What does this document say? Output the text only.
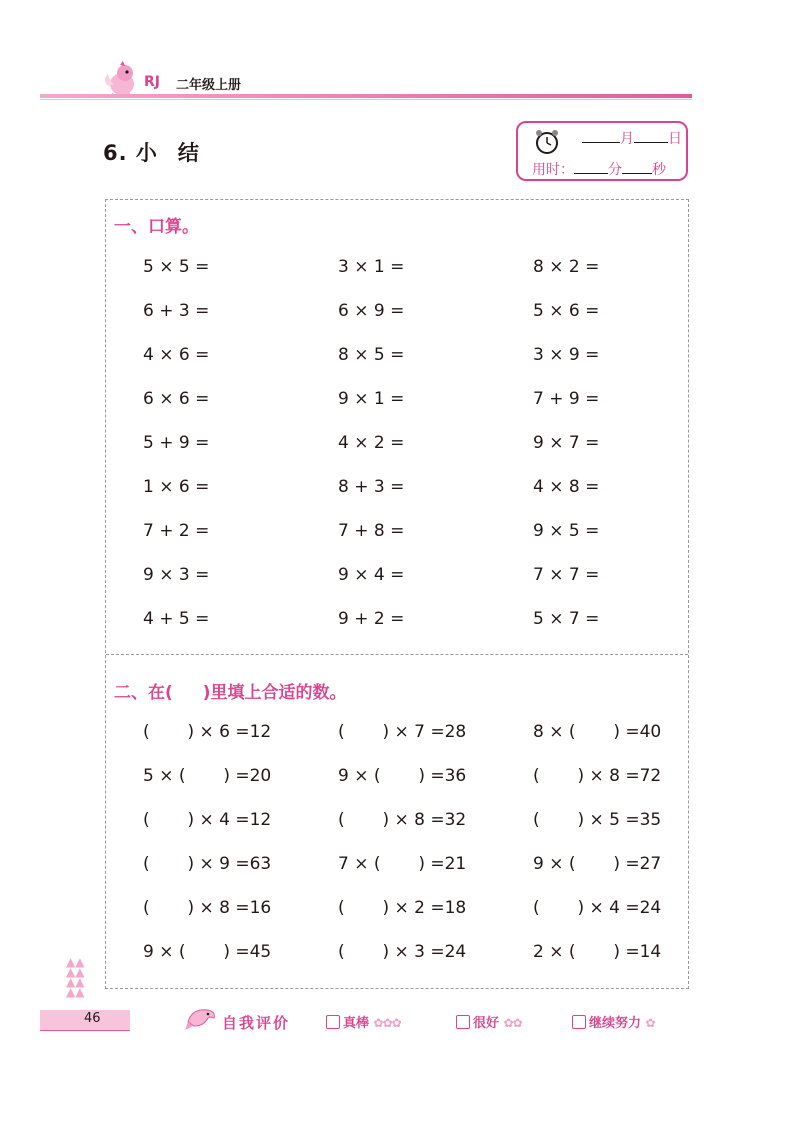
RJ 二年级上册
6. 小 结
月 日
用时： 分 秒
一、口算。
5 × 5 =	3 × 1 =	8 × 2 =
6 + 3 =	6 × 9 =	5 × 6 =
4 × 6 =	8 × 5 =	3 × 9 =
6 × 6 =	9 × 1 =	7 + 9 =
5 + 9 =	4 × 2 =	9 × 7 =
1 × 6 =	8 + 3 =	4 × 8 =
7 + 2 =	7 + 8 =	9 × 5 =
9 × 3 =	9 × 4 =	7 × 7 =
4 + 5 =	9 + 2 =	5 × 7 =
二、在( )里填上合适的数。
(       ) × 6 =12	(       ) × 7 =28	8 × (       ) =40
5 × (       ) =20	9 × (       ) =36	(       ) × 8 =72
(       ) × 4 =12	(       ) × 8 =32	(       ) × 5 =35
(       ) × 9 =63	7 × (       ) =21	9 × (       ) =27
(       ) × 8 =16	(       ) × 2 =18	(       ) × 4 =24
9 × (       ) =45	(       ) × 3 =24	2 × (       ) =14
▲▲
▲▲
▲▲
▲▲
46	自我评价	真棒 ✿✿✿	很好 ✿✿	继续努力 ✿
